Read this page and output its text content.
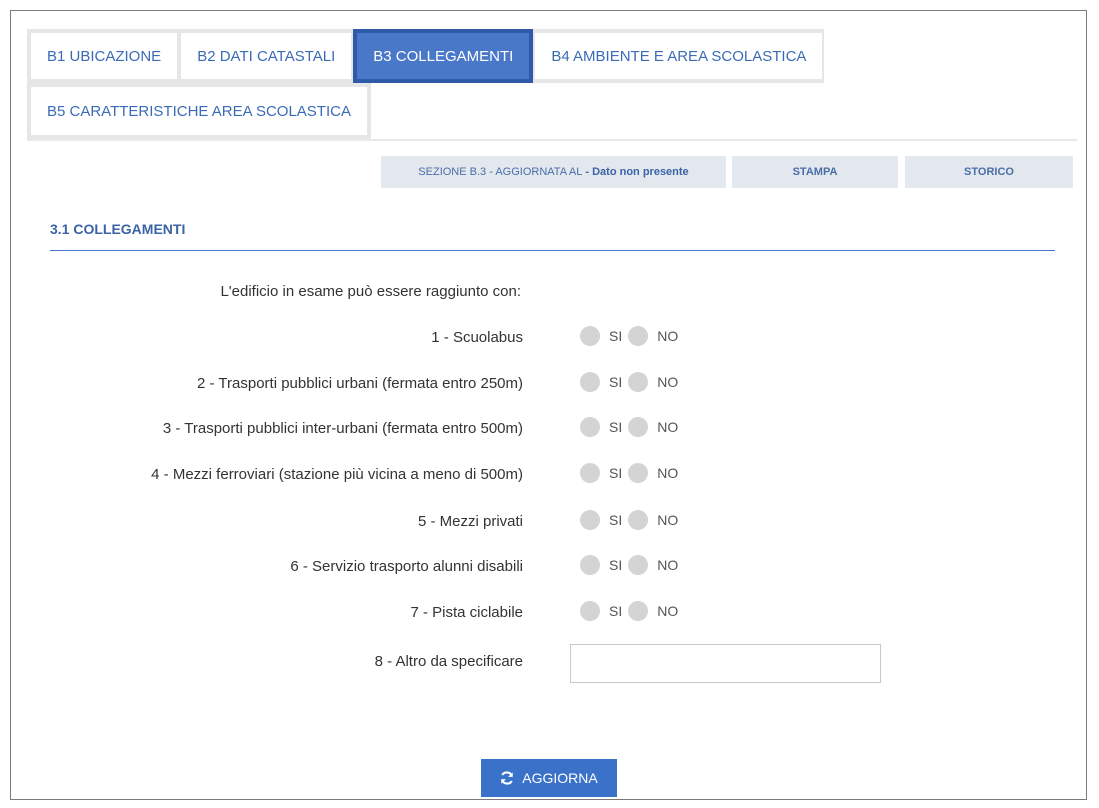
B1 UBICAZIONE	B2 DATI CATASTALI	B3 COLLEGAMENTI	B4 AMBIENTE E AREA SCOLASTICA
B5 CARATTERISTICHE AREA SCOLASTICA
SEZIONE B.3 - AGGIORNATA AL
- Dato non presente	STAMPA	STORICO
3.1 COLLEGAMENTI
L'edificio in esame può essere raggiunto con:
1 - Scuolabus	SI	NO
2 - Trasporti pubblici urbani (fermata entro 250m)	SI	NO
3 - Trasporti pubblici inter-urbani (fermata entro 500m)	SI	NO
4 - Mezzi ferroviari (stazione più vicina a meno di 500m)	SI	NO
5 - Mezzi privati	SI	NO
6 - Servizio trasporto alunni disabili	SI	NO
7 - Pista ciclabile	SI	NO
8 - Altro da specificare
AGGIORNA
